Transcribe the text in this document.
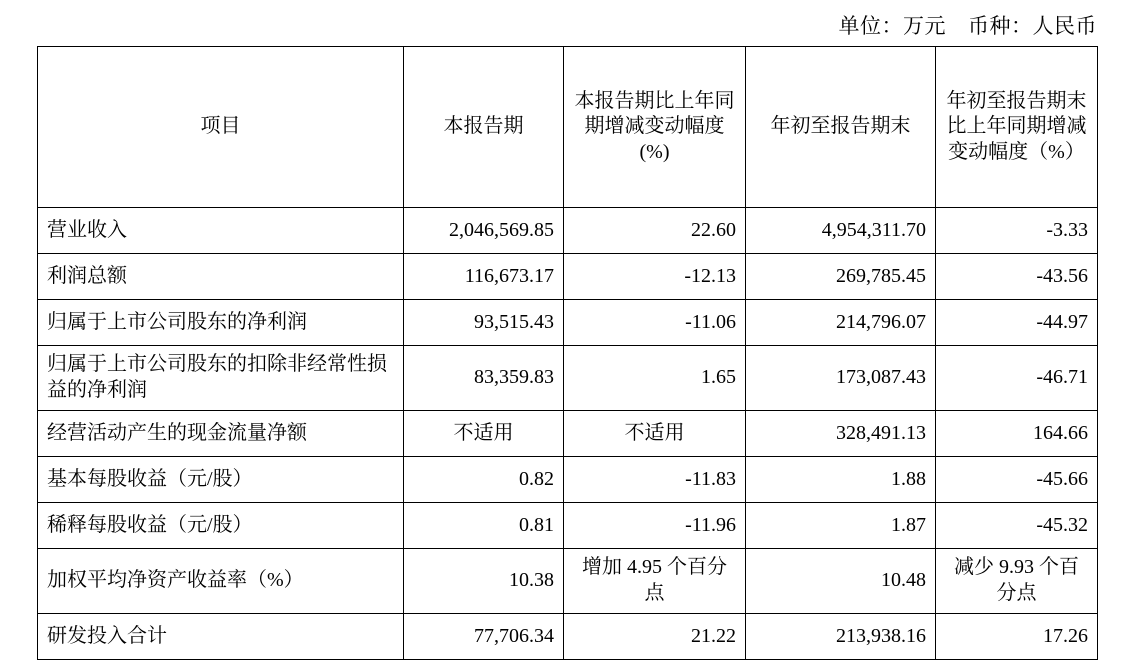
单位：万元 币种：人民币
项目	本报告期	本报告期比上年同期增减变动幅度(%)	年初至报告期末	年初至报告期末比上年同期增减变动幅度（%）
营业收入	2,046,569.85	22.60	4,954,311.70	-3.33
利润总额	116,673.17	-12.13	269,785.45	-43.56
归属于上市公司股东的净利润	93,515.43	-11.06	214,796.07	-44.97
归属于上市公司股东的扣除非经常性损益的净利润	83,359.83	1.65	173,087.43	-46.71
经营活动产生的现金流量净额	不适用	不适用	328,491.13	164.66
基本每股收益（元/股）	0.82	-11.83	1.88	-45.66
稀释每股收益（元/股）	0.81	-11.96	1.87	-45.32
加权平均净资产收益率（%）	10.38	增加 4.95 个百分点	10.48	减少 9.93 个百分点
研发投入合计	77,706.34	21.22	213,938.16	17.26
